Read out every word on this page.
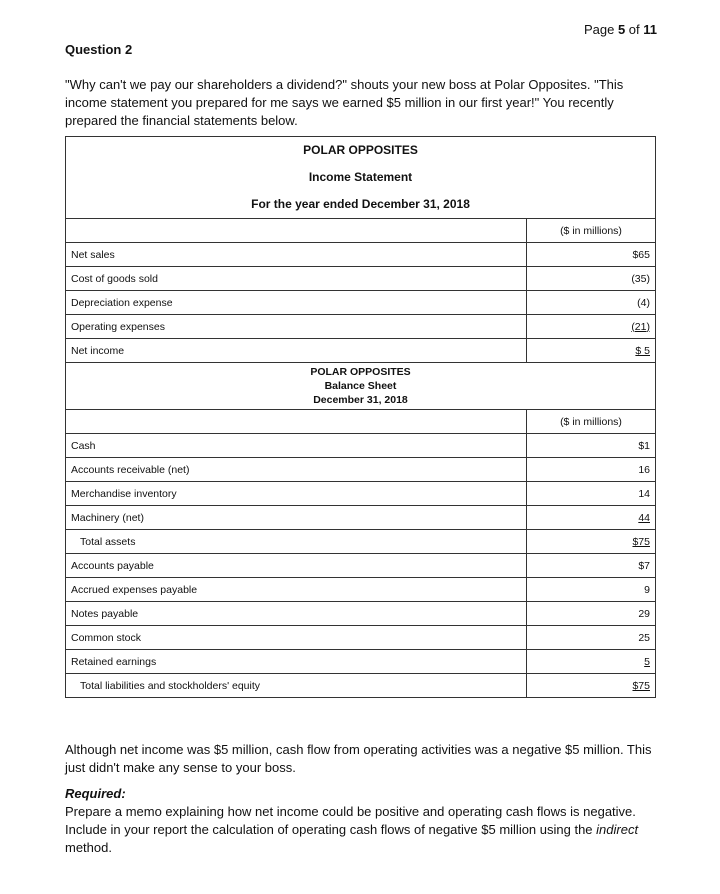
Page 5 of 11
Question 2
"Why can't we pay our shareholders a dividend?" shouts your new boss at Polar Opposites. "This income statement you prepared for me says we earned $5 million in our first year!" You recently prepared the financial statements below.
POLAR OPPOSITES
Income Statement
For the year ended December 31, 2018	

	($ in millions)
Net sales	$65
Cost of goods sold	(35)
Depreciation expense	(4)
Operating expenses	(21)
Net income	$ 5

POLAR OPPOSITES
Balance Sheet
December 31, 2018	

	($ in millions)
Cash	$1
Accounts receivable (net)	16
Merchandise inventory	14
Machinery (net)	44
Total assets	$75
Accounts payable	$7
Accrued expenses payable	9
Notes payable	29
Common stock	25
Retained earnings	5
Total liabilities and stockholders' equity	$75
Although net income was $5 million, cash flow from operating activities was a negative $5 million. This just didn't make any sense to your boss.
Required:
Prepare a memo explaining how net income could be positive and operating cash flows is negative. Include in your report the calculation of operating cash flows of negative $5 million using the indirect method.
